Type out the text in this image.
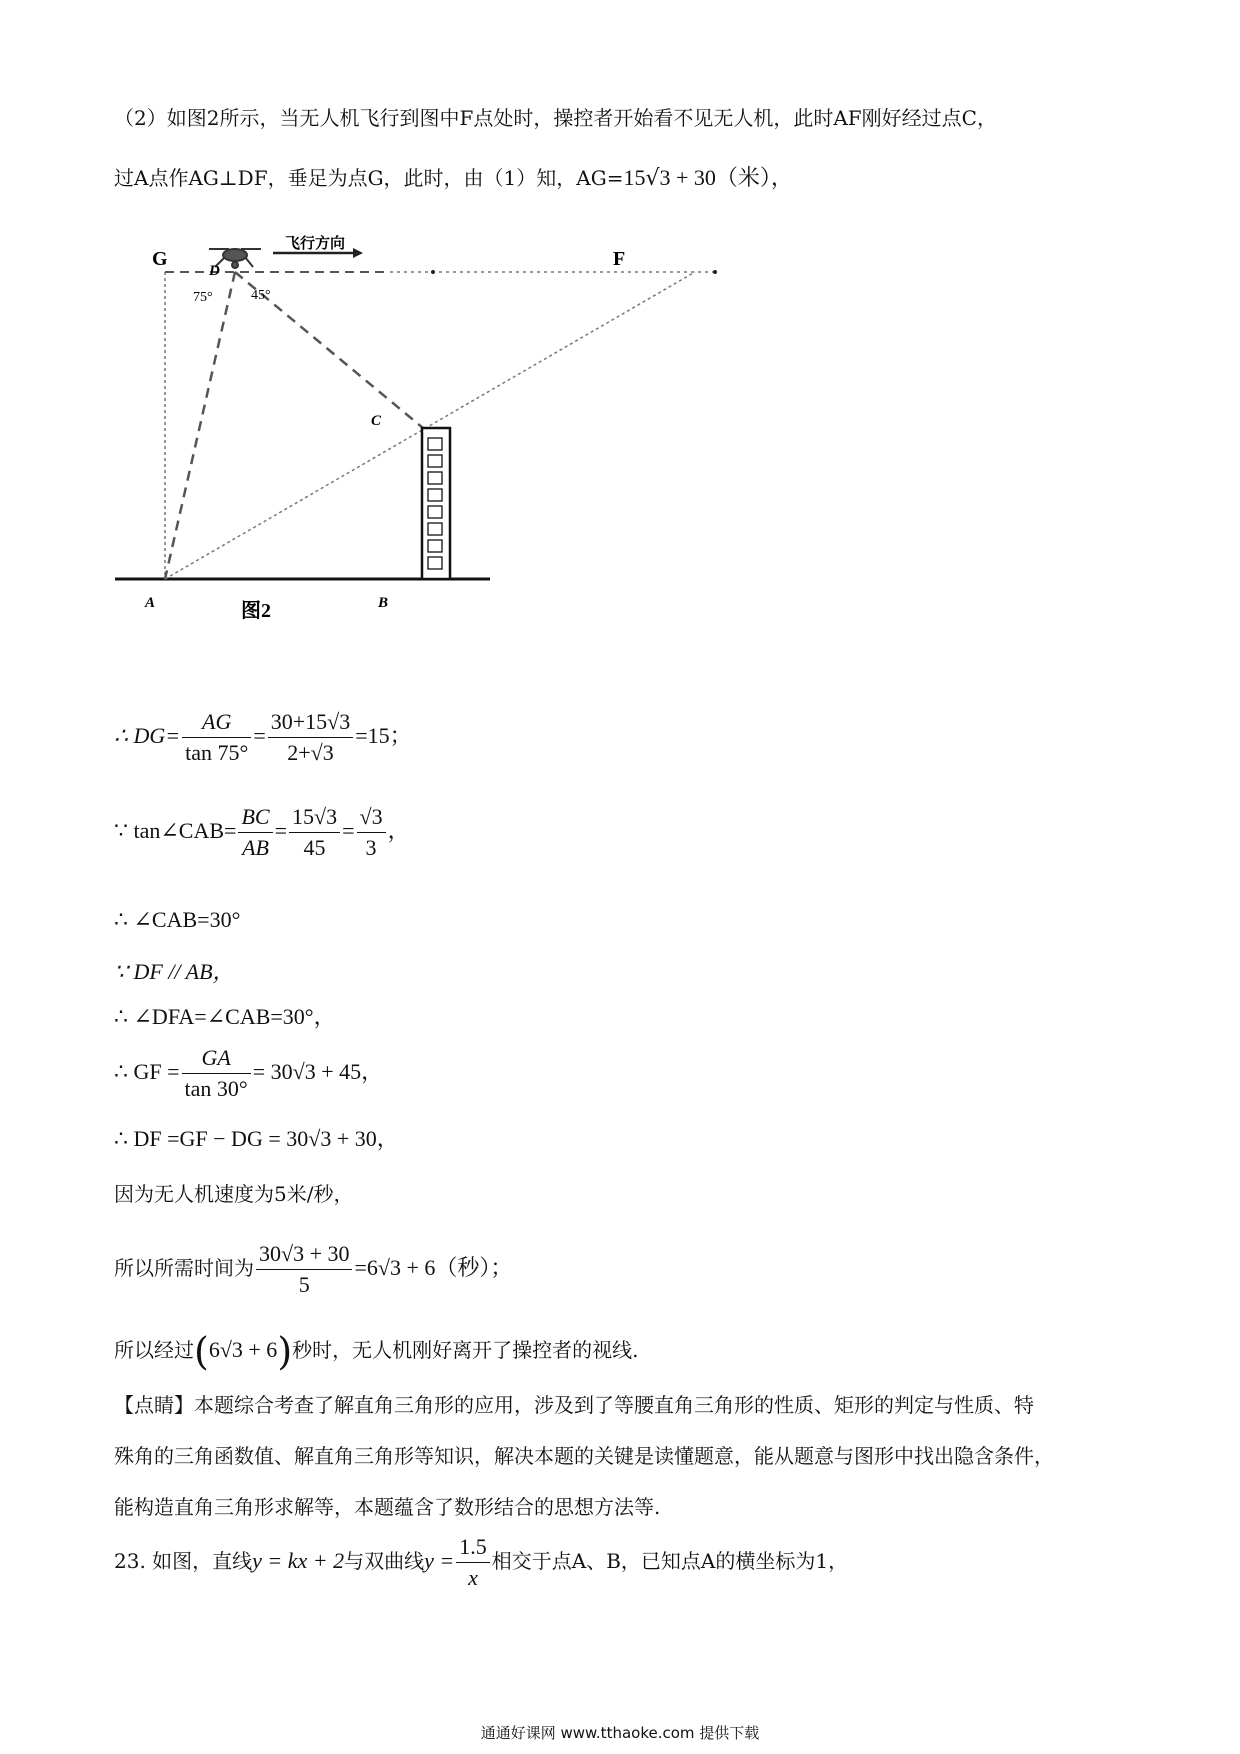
（2）如图2所示，当无人机飞行到图中F点处时，操控者开始看不见无人机，此时AF刚好经过点C，
过A点作AG⊥DF，垂足为点G，此时，由（1）知，AG=15√3 + 30（米），
飞行方向
G
D
F
C
A	B
75°	45°
图2
∴ $DG= \frac{AG}{\tan 75^\circ} = \frac{30+15√3}{2+√3} =15$；
∵ tan∠CAB= $\frac{BC}{AB} = \frac{15√3}{45} = \frac{√3}{3}$ ，
∴ ∠CAB=30°
∵ DF // AB，
∴ ∠DFA=∠CAB=30°，
∴ GF = $\frac{GA}{\tan 30^\circ} = 30√3 + 45$，
∴ DF =GF − DG = 30√3 + 30，
因为无人机速度为5米/秒，
所以所需时间为 $\frac{30√3 + 30}{5} =6√3 + 6$（秒）；
所以经过(6√3 + 6)秒时，无人机刚好离开了操控者的视线.
【点睛】本题综合考查了解直角三角形的应用，涉及到了等腰直角三角形的性质、矩形的判定与性质、特
殊角的三角函数值、解直角三角形等知识，解决本题的关键是读懂题意，能从题意与图形中找出隐含条件，
能构造直角三角形求解等，本题蕴含了数形结合的思想方法等.
23. 如图，直线y = kx + 2与双曲线$y = \frac{1.5}{x}$ 相交于点A、B，已知点A的横坐标为1，
通通好课网 www.tthaoke.com 提供下载
